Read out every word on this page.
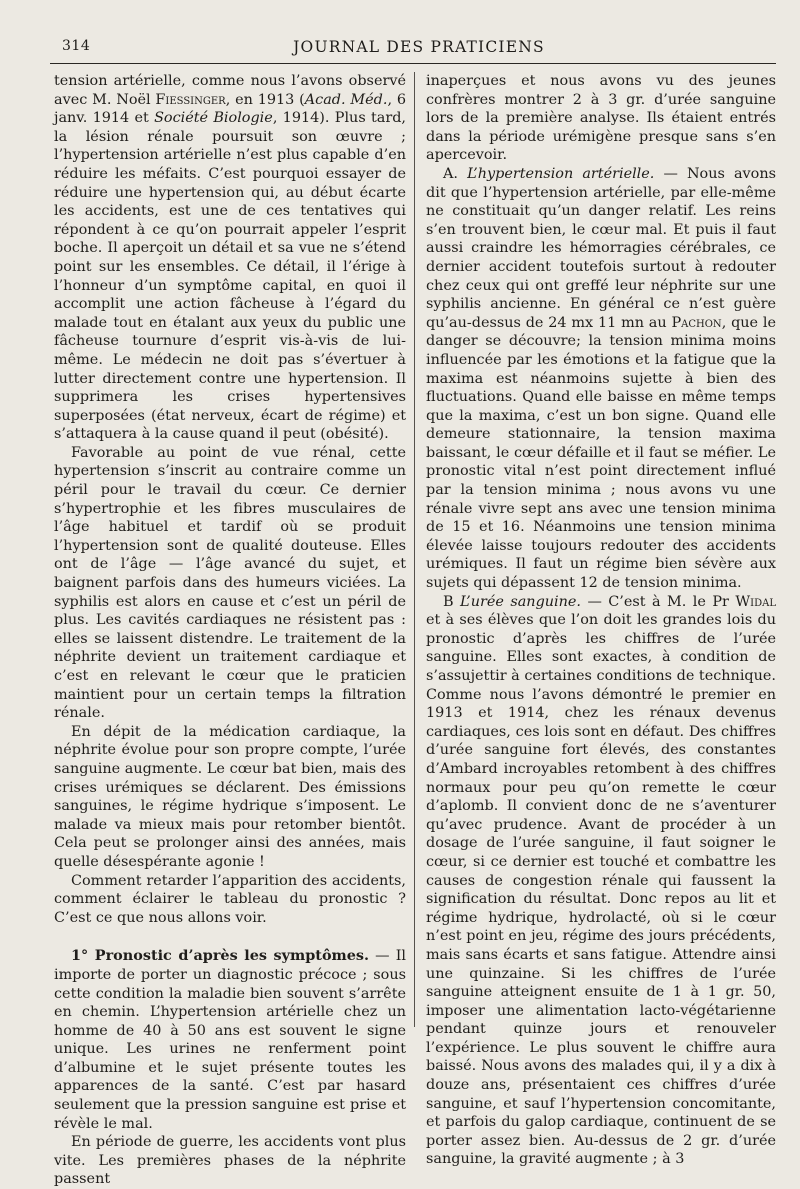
314	JOURNAL DES PRATICIENS

tension artérielle, comme nous l’avons observé avec M. Noël Fiessinger, en 1913 (Acad. Méd., 6 janv. 1914 et Société Biologie, 1914). Plus tard, la lésion rénale poursuit son œuvre ; l’hypertension artérielle n’est plus capable d’en réduire les méfaits. C’est pourquoi essayer de réduire une hypertension qui, au début écarte les accidents, est une de ces tentatives qui répondent à ce qu’on pourrait appeler l’esprit boche. Il aperçoit un détail et sa vue ne s’étend point sur les ensembles. Ce détail, il l’érige à l’honneur d’un symptôme capital, en quoi il accomplit une action fâcheuse à l’égard du malade tout en étalant aux yeux du public une fâcheuse tournure d’esprit vis-à-vis de lui-même. Le médecin ne doit pas s’évertuer à lutter directement contre une hypertension. Il supprimera les crises hypertensives superposées (état nerveux, écart de régime) et s’attaquera à la cause quand il peut (obésité).

Favorable au point de vue rénal, cette hypertension s’inscrit au contraire comme un péril pour le travail du cœur. Ce dernier s’hypertrophie et les fibres musculaires de l’âge habituel et tardif où se produit l’hypertension sont de qualité douteuse. Elles ont de l’âge — l’âge avancé du sujet, et baignent parfois dans des humeurs viciées. La syphilis est alors en cause et c’est un péril de plus. Les cavités cardiaques ne résistent pas : elles se laissent distendre. Le traitement de la néphrite devient un traitement cardiaque et c’est en relevant le cœur que le praticien maintient pour un certain temps la filtration rénale.

En dépit de la médication cardiaque, la néphrite évolue pour son propre compte, l’urée sanguine augmente. Le cœur bat bien, mais des crises urémiques se déclarent. Des émissions sanguines, le régime hydrique s’imposent. Le malade va mieux mais pour retomber bientôt. Cela peut se prolonger ainsi des années, mais quelle désespérante agonie !

Comment retarder l’apparition des accidents, comment éclairer le tableau du pronostic ? C’est ce que nous allons voir.

1° Pronostic d’après les symptômes. — Il importe de porter un diagnostic précoce ; sous cette condition la maladie bien souvent s’arrête en chemin. L’hypertension artérielle chez un homme de 40 à 50 ans est souvent le signe unique. Les urines ne renferment point d’albumine et le sujet présente toutes les apparences de la santé. C’est par hasard seulement que la pression sanguine est prise et révèle le mal.

En période de guerre, les accidents vont plus vite. Les premières phases de la néphrite passent

inaperçues et nous avons vu des jeunes confrères montrer 2 à 3 gr. d’urée sanguine lors de la première analyse. Ils étaient entrés dans la période urémigène presque sans s’en apercevoir.

A. L’hypertension artérielle. — Nous avons dit que l’hypertension artérielle, par elle-même ne constituait qu’un danger relatif. Les reins s’en trouvent bien, le cœur mal. Et puis il faut aussi craindre les hémorragies cérébrales, ce dernier accident toutefois surtout à redouter chez ceux qui ont greffé leur néphrite sur une syphilis ancienne. En général ce n’est guère qu’au-dessus de 24 mx 11 mn au Pachon, que le danger se découvre; la tension minima moins influencée par les émotions et la fatigue que la maxima est néanmoins sujette à bien des fluctuations. Quand elle baisse en même temps que la maxima, c’est un bon signe. Quand elle demeure stationnaire, la tension maxima baissant, le cœur défaille et il faut se méfier. Le pronostic vital n’est point directement influé par la tension minima ; nous avons vu une rénale vivre sept ans avec une tension minima de 15 et 16. Néanmoins une tension minima élevée laisse toujours redouter des accidents urémiques. Il faut un régime bien sévère aux sujets qui dépassent 12 de tension minima.

B L’urée sanguine. — C’est à M. le Pr Widal et à ses élèves que l’on doit les grandes lois du pronostic d’après les chiffres de l’urée sanguine. Elles sont exactes, à condition de s’assujettir à certaines conditions de technique. Comme nous l’avons démontré le premier en 1913 et 1914, chez les rénaux devenus cardiaques, ces lois sont en défaut. Des chiffres d’urée sanguine fort élevés, des constantes d’Ambard incroyables retombent à des chiffres normaux pour peu qu’on remette le cœur d’aplomb. Il convient donc de ne s’aventurer qu’avec prudence. Avant de procéder à un dosage de l’urée sanguine, il faut soigner le cœur, si ce dernier est touché et combattre les causes de congestion rénale qui faussent la signification du résultat. Donc repos au lit et régime hydrique, hydrolacté, où si le cœur n’est point en jeu, régime des jours précédents, mais sans écarts et sans fatigue. Attendre ainsi une quinzaine. Si les chiffres de l’urée sanguine atteignent ensuite de 1 à 1 gr. 50, imposer une alimentation lacto-végétarienne pendant quinze jours et renouveler l’expérience. Le plus souvent le chiffre aura baissé. Nous avons des malades qui, il y a dix à douze ans, présentaient ces chiffres d’urée sanguine, et sauf l’hypertension concomitante, et parfois du galop cardiaque, continuent de se porter assez bien. Au-dessus de 2 gr. d’urée sanguine, la gravité augmente ; à 3
